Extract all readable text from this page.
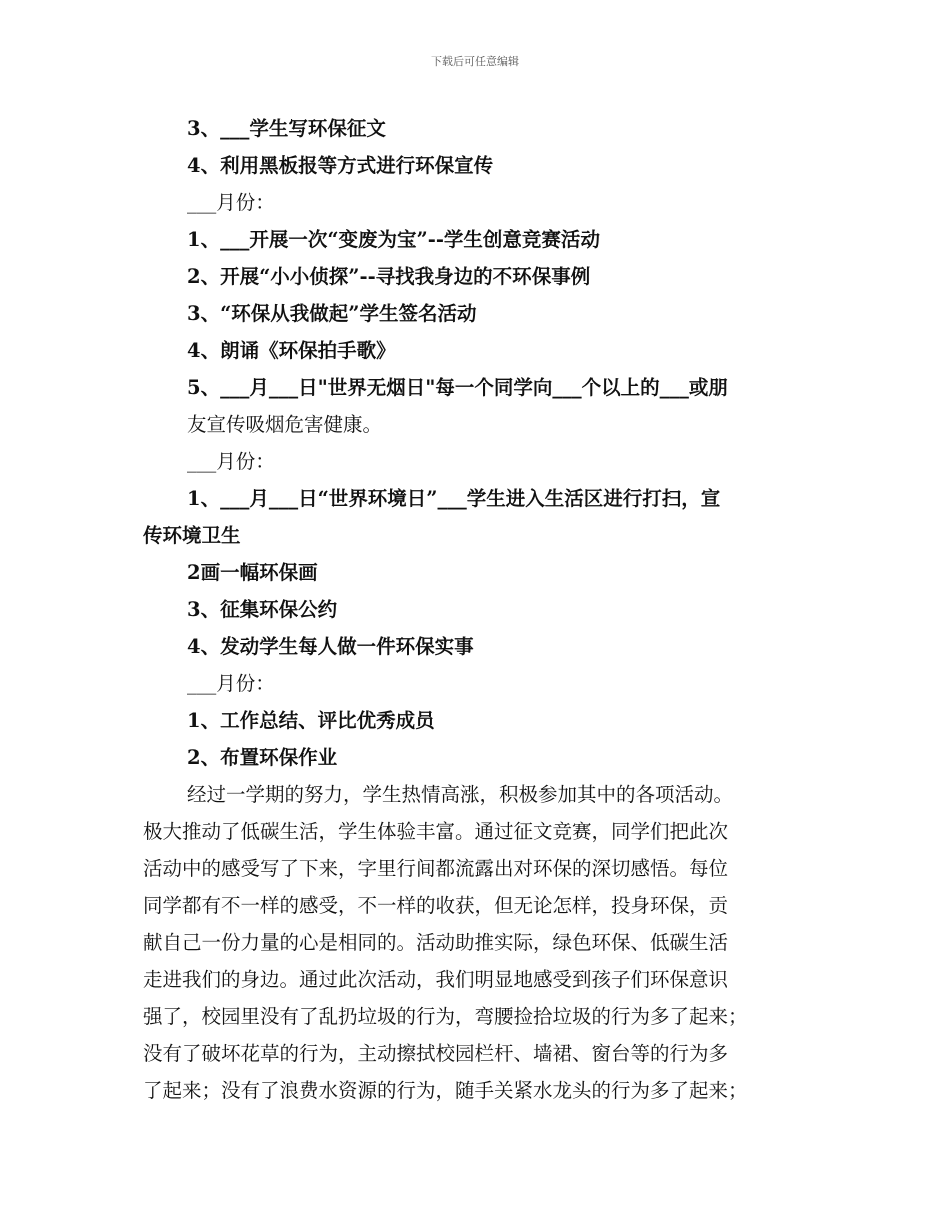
下载后可任意编辑
3、___学生写环保征文
4、利用黑板报等方式进行环保宣传
___月份：
1、___开展一次“变废为宝”--学生创意竞赛活动
2、开展“小小侦探”--寻找我身边的不环保事例
3、“环保从我做起”学生签名活动
4、朗诵《环保拍手歌》
5、___月___日"世界无烟日"每一个同学向___个以上的___或朋
友宣传吸烟危害健康。
___月份：
1、___月___日“世界环境日”___学生进入生活区进行打扫，宣
传环境卫生
2画一幅环保画
3、征集环保公约
4、发动学生每人做一件环保实事
___月份：
1、工作总结、评比优秀成员
2、布置环保作业
经过一学期的努力，学生热情高涨，积极参加其中的各项活动。
极大推动了低碳生活，学生体验丰富。通过征文竞赛，同学们把此次
活动中的感受写了下来，字里行间都流露出对环保的深切感悟。每位
同学都有不一样的感受，不一样的收获，但无论怎样，投身环保，贡
献自己一份力量的心是相同的。活动助推实际，绿色环保、低碳生活
走进我们的身边。通过此次活动，我们明显地感受到孩子们环保意识
强了，校园里没有了乱扔垃圾的行为，弯腰捡拾垃圾的行为多了起来；
没有了破坏花草的行为，主动擦拭校园栏杆、墙裙、窗台等的行为多
了起来；没有了浪费水资源的行为，随手关紧水龙头的行为多了起来；
